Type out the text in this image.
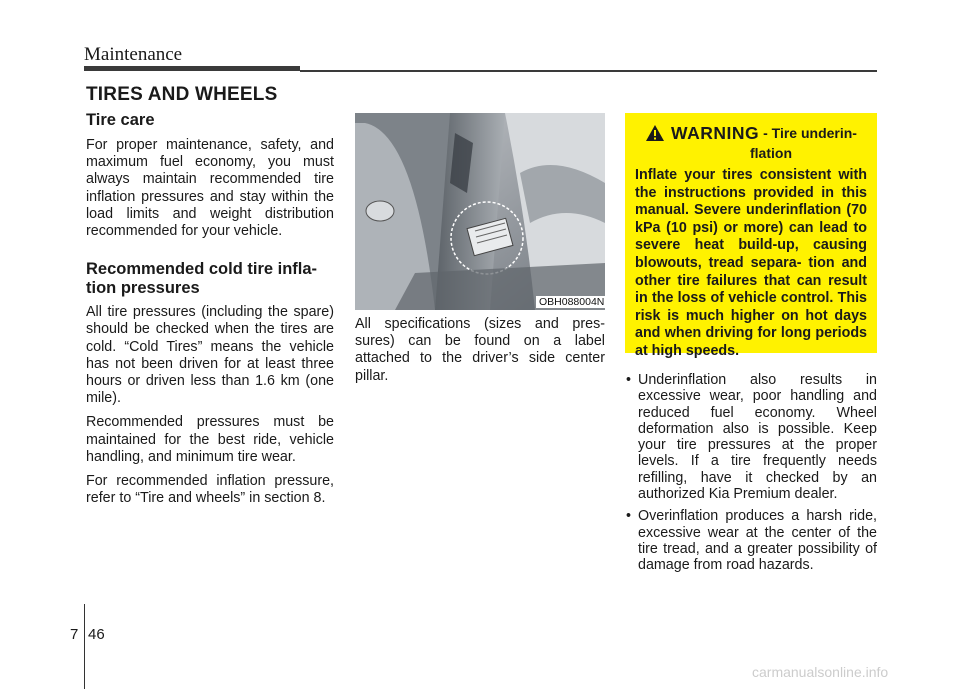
Maintenance
TIRES AND WHEELS
Tire care

For proper maintenance, safety, and maximum fuel economy, you must always maintain recommended tire inflation pressures and stay within the load limits and weight distribution recommended for your vehicle.

Recommended cold tire infla- tion pressures

All tire pressures (including the spare) should be checked when the tires are cold. “Cold Tires” means the vehicle has not been driven for at least three hours or driven less than 1.6 km (one mile).

Recommended pressures must be maintained for the best ride, vehicle handling, and minimum tire wear.

For recommended inflation pressure, refer to “Tire and wheels” in section 8.

OBH088004N

All specifications (sizes and pres- sures) can be found on a label attached to the driver’s side center pillar.

WARNING - Tire underin-
flation
Inflate your tires consistent with the instructions provided in this manual. Severe underinflation (70 kPa (10 psi) or more) can lead to severe heat build-up, causing blowouts, tread separa- tion and other tire failures that can result in the loss of vehicle control. This risk is much higher on hot days and when driving for long periods at high speeds.
• Underinflation also results in excessive wear, poor handling and reduced fuel economy. Wheel deformation also is possible. Keep your tire pressures at the proper levels. If a tire frequently needs refilling, have it checked by an authorized Kia Premium dealer.
• Overinflation produces a harsh ride, excessive wear at the center of the tire tread, and a greater possibility of damage from road hazards.
7 46
carmanualsonline.info
